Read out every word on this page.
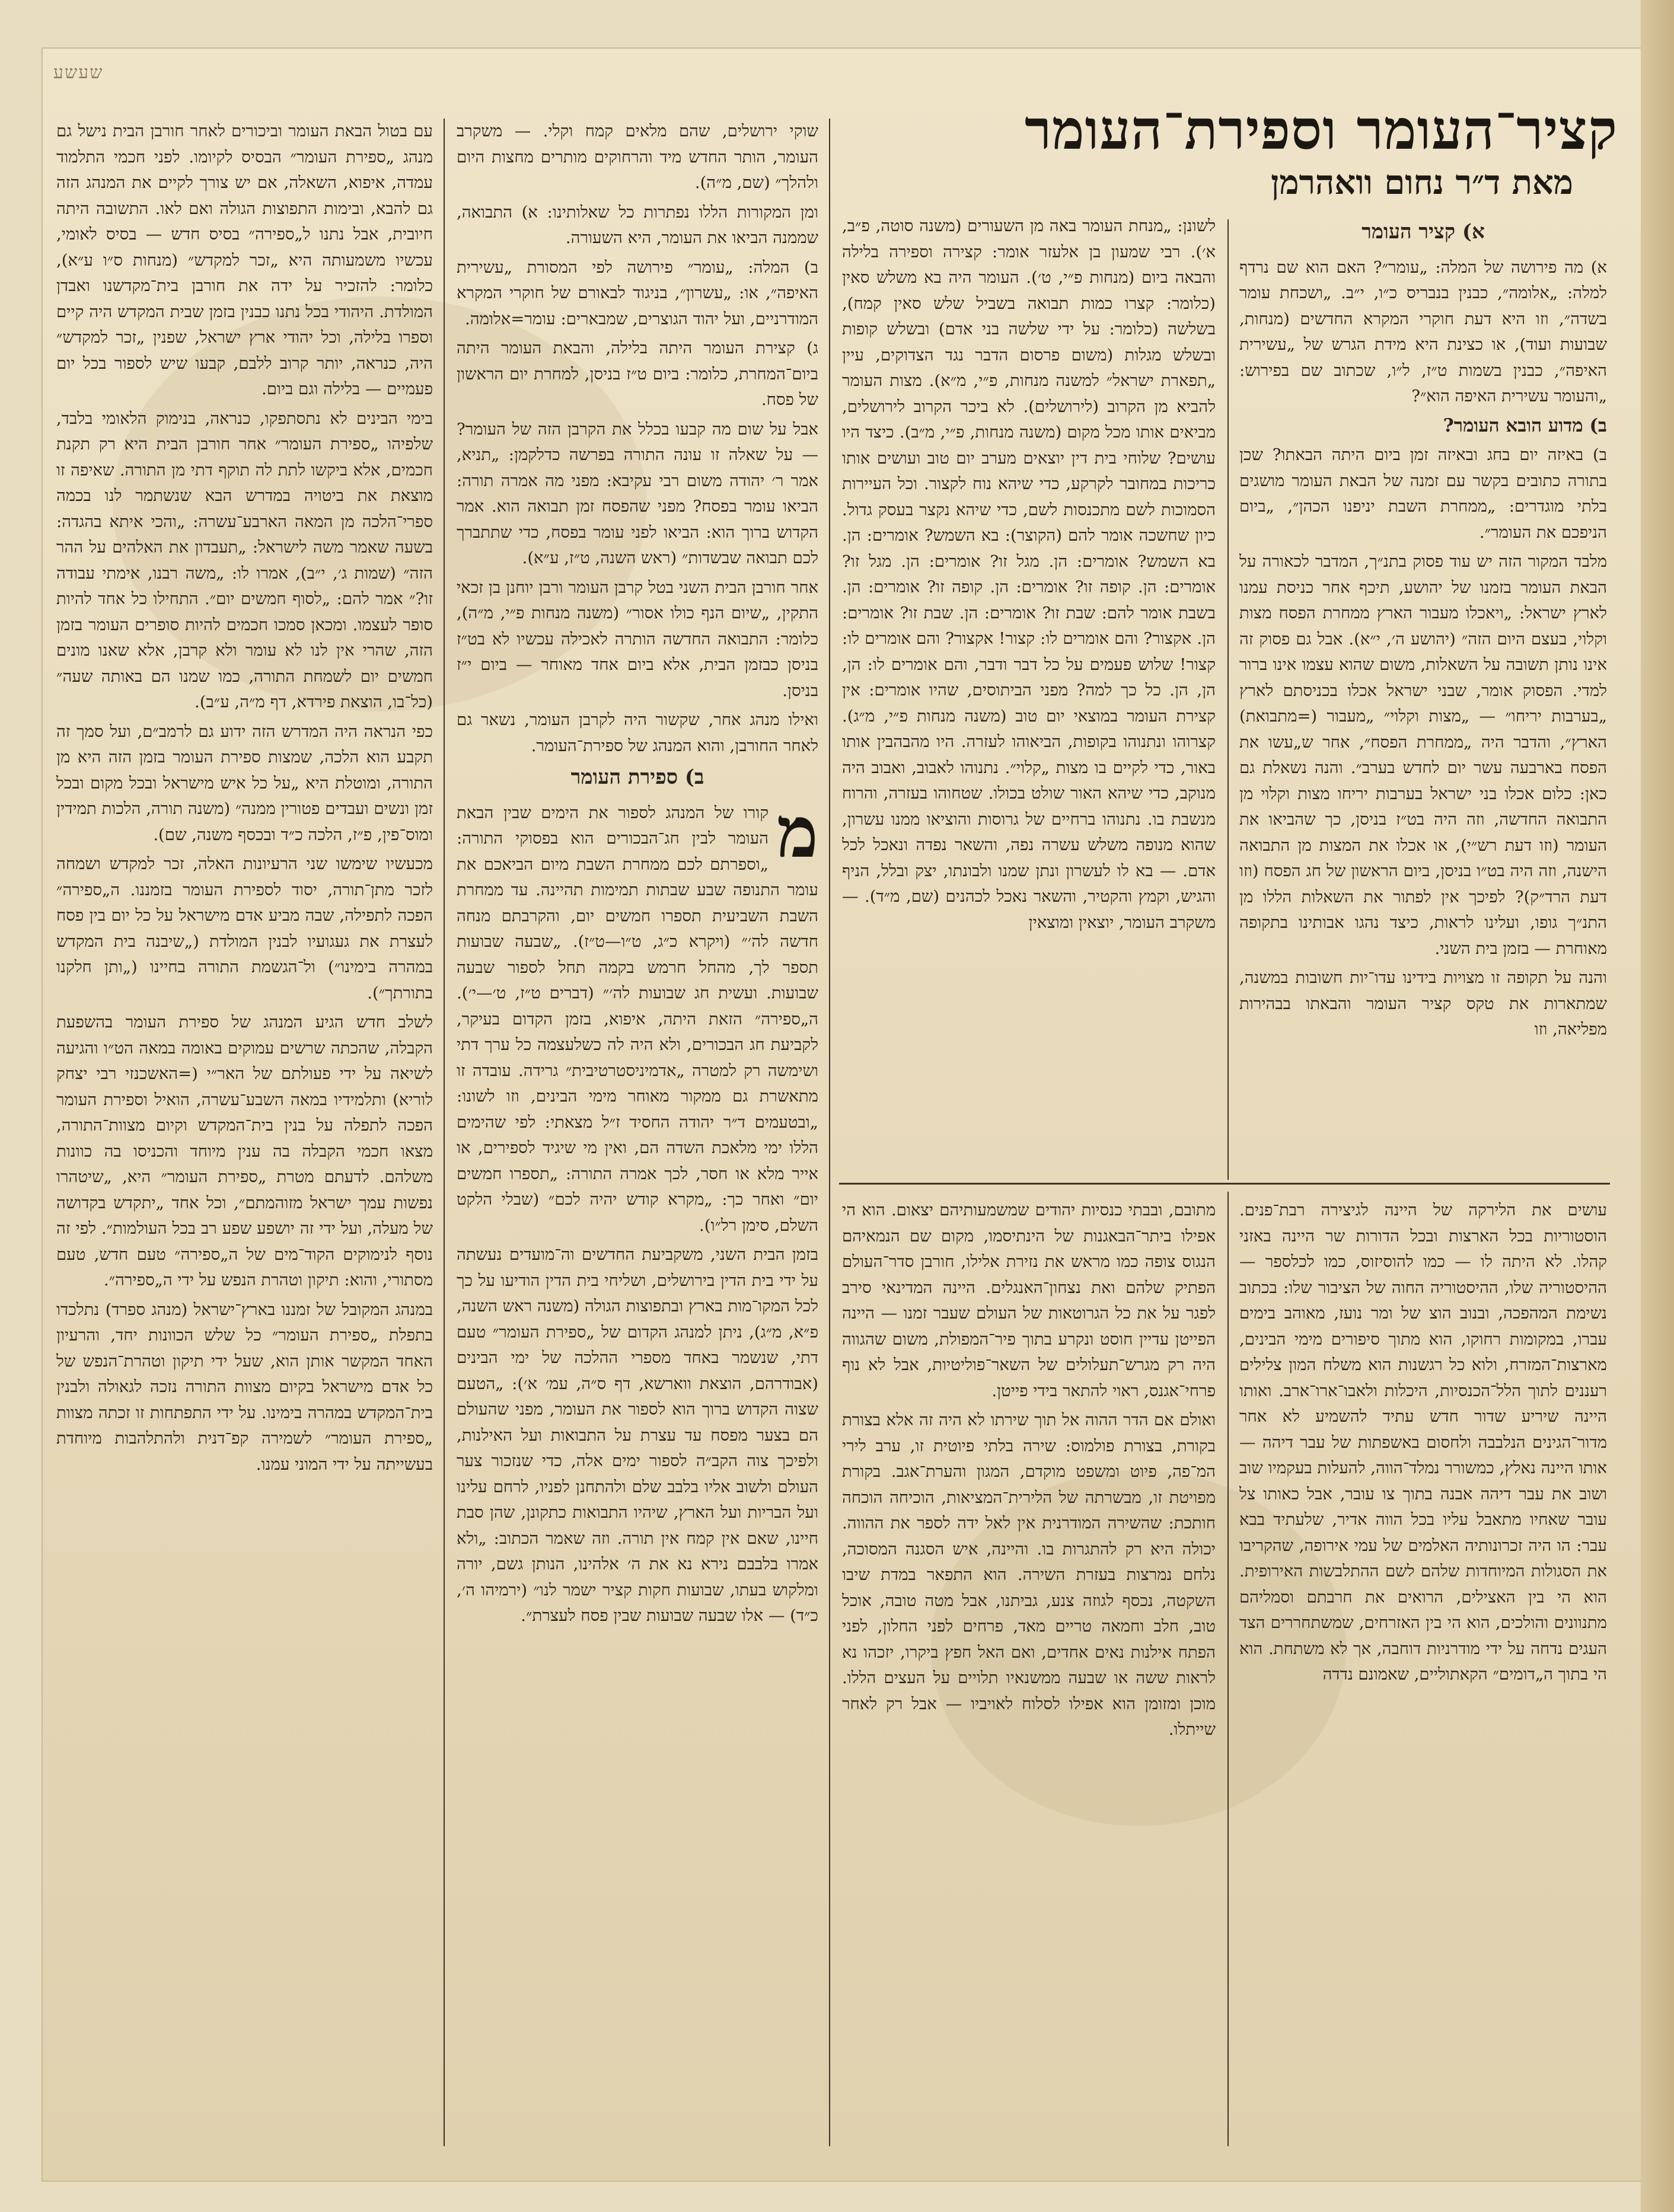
שעשע
קציר־העומר וספירת־העומר
מאת ד״ר נחום וואהרמן
א) קציר העומר

א) מה פירושה של המלה: „עומר״? האם הוא שם נרדף למלה: „אלומה״, כבנין בנבריס כ״ו, י״ב. „ושכחת עומר בשדה״, וזו היא דעת חוקרי המקרא החדשים (מנחות, שבועות ועוד), או כצינת היא מידת הגרש של „עשירית האיפה״, כבנין בשמות ט״ז, ל״ו, שכתוב שם בפירוש: „והעומר עשירית האיפה הוא״?

ב) מדוע הובא העומר?

ב) באיזה יום בחג ובאיזה זמן ביום היתה הבאתו? שכן בתורה כתובים בקשר עם זמנה של הבאת העומר מושגים בלתי מוגדרים: „ממחרת השבת יניפנו הכהן״, „ביום הניפכם את העומר״.

מלבד המקור הזה יש עוד פסוק בתנ״ך, המדבר לכאורה על הבאת העומר בזמנו של יהושע, תיכף אחר כניסת עמנו לארץ ישראל: „ויאכלו מעבור הארץ ממחרת הפסח מצות וקלוי, בעצם היום הזה״ (יהושע ה׳, י״א). אבל גם פסוק זה אינו נותן תשובה על השאלות, משום שהוא עצמו אינו ברור למדי. הפסוק אומר, שבני ישראל אכלו בכניסתם לארץ „בערבות יריחו״ — „מצות וקלוי״ „מעבור (=מתבואת) הארץ״, והדבר היה „ממחרת הפסח״, אחר ש„עשו את הפסח בארבעה עשר יום לחדש בערב״. והנה נשאלת גם כאן: כלום אכלו בני ישראל בערבות יריחו מצות וקלוי מן התבואה החדשה, וזה היה בט״ז בניסן, כך שהביאו את העומר (וזו דעת רש״י), או אכלו את המצות מן התבואה הישנה, וזה היה בט״ו בניסן, ביום הראשון של חג הפסח (וזו דעת הרד״ק)? לפיכך אין לפתור את השאלות הללו מן התנ״ך גופו, ועלינו לראות, כיצד נהגו אבותינו בתקופה מאוחרת — בזמן בית השני.

והנה על תקופה זו מצויות בידינו עדו־יות חשובות במשנה, שמתארות את טקס קציר העומר והבאתו בבהירות מפליאה, וזו

לשונן: „מנחת העומר באה מן השעורים (משנה סוטה, פ״ב, א׳). רבי שמעון בן אלעזר אומר: קצירה וספירה בלילה והבאה ביום (מנחות פ״י, ט׳). העומר היה בא משלש סאין (כלומר: קצרו כמות תבואה בשביל שלש סאין קמח), בשלשה (כלומר: על ידי שלשה בני אדם) ובשלש קופות ובשלש מגלות (משום פרסום הדבר נגד הצדוקים, עיין „תפארת ישראל״ למשנה מנחות, פ״י, מ״א). מצות העומר להביא מן הקרוב (לירושלים). לא ביכר הקרוב לירושלים, מביאים אותו מכל מקום (משנה מנחות, פ״י, מ״ב). כיצד היו עושים? שלוחי בית דין יוצאים מערב יום טוב ועושים אותו כריכות במחובר לקרקע, כדי שיהא נוח לקצור. וכל העיירות הסמוכות לשם מתכנסות לשם, כדי שיהא נקצר בעסק גדול. כיון שחשכה אומר להם (הקוצר): בא השמש? אומרים: הן. בא השמש? אומרים: הן. מגל זו? אומרים: הן. מגל זו? אומרים: הן. קופה זו? אומרים: הן. קופה זו? אומרים: הן. בשבת אומר להם: שבת זו? אומרים: הן. שבת זו? אומרים: הן. אקצור? והם אומרים לו: קצור! אקצור? והם אומרים לו: קצור! שלוש פעמים על כל דבר ודבר, והם אומרים לו: הן, הן, הן. כל כך למה? מפני הביתוסים, שהיו אומרים: אין קצירת העומר במוצאי יום טוב (משנה מנחות פ״י, מ״ג). קצרוהו ונתנוהו בקופות, הביאוהו לעזרה. היו מהבהבין אותו באור, כדי לקיים בו מצות „קלוי״. נתנוהו לאבוב, ואבוב היה מנוקב, כדי שיהא האור שולט בכולו. שטחוהו בעזרה, והרוח מנשבת בו. נתנוהו ברחיים של גרוסות והוציאו ממנו עשרון, שהוא מנופה משלש עשרה נפה, והשאר נפדה ונאכל לכל אדם. — בא לו לעשרון ונתן שמנו ולבונתו, יצק ובלל, הניף והגיש, וקמץ והקטיר, והשאר נאכל לכהנים (שם, מ״ד). — משקרב העומר, יוצאין ומוצאין

שוקי ירושלים, שהם מלאים קמח וקלי. — משקרב העומר, הותר החדש מיד והרחוקים מותרים מחצות היום ולהלך״ (שם, מ״ה).

ומן המקורות הללו נפתרות כל שאלותינו: א) התבואה, שממנה הביאו את העומר, היא השעורה.

ב) המלה: „עומר״ פירושה לפי המסורת „עשירית האיפה״, או: „עשרון״, בניגוד לבאורם של חוקרי המקרא המודרניים, ועל יהוד הגוצרים, שמבארים: עומר=אלומה.

ג) קצירת העומר היתה בלילה, והבאת העומר היתה ביום־המחרת, כלומר: ביום ט״ז בניסן, למחרת יום הראשון של פסח.

אבל על שום מה קבעו בכלל את הקרבן הזה של העומר? — על שאלה זו עונה התורה בפרשה כדלקמן: „תניא, אמר ר׳ יהודה משום רבי עקיבא: מפני מה אמרה תורה: הביאו עומר בפסח? מפני שהפסח זמן תבואה הוא. אמר הקדוש ברוך הוא: הביאו לפני עומר בפסח, כדי שתתברך לכם תבואה שבשדות״ (ראש השנה, ט״ז, ע״א).

אחר חורבן הבית השני בטל קרבן העומר ורבן יוחנן בן זכאי התקין, „שיום הנף כולו אסור״ (משנה מנחות פ״י, מ״ה), כלומר: התבואה החדשה הותרה לאכילה עכשיו לא בט״ז בניסן כבזמן הבית, אלא ביום אחד מאוחר — ביום י״ז בניסן.

ואילו מנהג אחר, שקשור היה לקרבן העומר, נשאר גם לאחר החורבן, והוא המנהג של ספירת־העומר.

ב) ספירת העומר

מ
קורו של המנהג לספור את הימים שבין הבאת העומר לבין חג־הבכורים הוא בפסוקי התורה: „וספרתם לכם ממחרת השבת מיום הביאכם את עומר התנופה שבע שבתות תמימות תהיינה. עד ממחרת השבת השביעית תספרו חמשים יום, והקרבתם מנחה חדשה לה׳״ (ויקרא כ״ג, ט״ו—ט״ז). „שבעה שבועות תספר לך, מהחל חרמש בקמה תחל לספור שבעה שבועות. ועשית חג שבועות לה׳״ (דברים ט״ז, ט׳—י׳). ה„ספירה״ הזאת היתה, איפוא, בזמן הקדום בעיקר, לקביעת חג הבכורים, ולא היה לה כשלעצמה כל ערך דתי ושימשה רק למטרה „אדמיניסטרטיבית״ גרידה. עובדה זו מתאשרת גם ממקור מאוחר מימי הבינים, וזו לשונו: „ובטעמים ד״ר יהודה החסיד ז״ל מצאתי: לפי שהימים הללו ימי מלאכת השדה הם, ואין מי שיגיד לספירים, או אייר מלא או חסר, לכך אמרה התורה: „תספרו חמשים יום״ ואחר כך: „מקרא קודש יהיה לכם״ (שבלי הלקט השלם, סימן רל״ו).

בזמן הבית השני, משקביעת החדשים וה־מועדים נעשתה על ידי בית הדין בירושלים, ושליחי בית הדין הודיעו על כך לכל המקו־מות בארץ ובתפוצות הגולה (משנה ראש השנה, פ״א, מ״ג), ניתן למנהג הקדום של „ספירת העומר״ טעם דתי, שנשמר באחד מספרי ההלכה של ימי הבינים (אבודרהם, הוצאת ווארשא, דף ס״ה, עמ׳ א׳): „הטעם שצוה הקדוש ברוך הוא לספור את העומר, מפני שהעולם הם בצער מפסח עד עצרת על התבואות ועל האילנות, ולפיכך צוה הקב״ה לספור ימים אלה, כדי שנזכור צער העולם ולשוב אליו בלבב שלם ולהתחנן לפניו, לרחם עלינו ועל הבריות ועל הארץ, שיהיו התבואות כתקונן, שהן סבת חיינו, שאם אין קמח אין תורה. וזה שאמר הכתוב: „ולא אמרו בלבבם נירא נא את ה׳ אלהינו, הנותן גשם, יורה ומלקוש בעתו, שבועות חקות קציר ישמר לנו״ (ירמיהו ה׳, כ״ד) — אלו שבעה שבועות שבין פסח לעצרת״.

עם בטול הבאת העומר וביכורים לאחר חורבן הבית נישל גם מנהג „ספירת העומר״ הבסיס לקיומו. לפני חכמי התלמוד עמדה, איפוא, השאלה, אם יש צורך לקיים את המנהג הזה גם להבא, ובימות התפוצות הגולה ואם לאו. התשובה היתה חיובית, אבל נתנו ל„ספירה״ בסיס חדש — בסיס לאומי, עכשיו משמעותה היא „זכר למקדש״ (מנחות ס״ו ע״א), כלומר: להזכיר על ידה את חורבן בית־מקדשנו ואבדן המולדת. היהודי בכל נתנו כבנין בזמן שבית המקדש היה קיים וספרו בלילה, וכל יהודי ארץ ישראל, שפנין „זכר למקדש״ היה, כנראה, יותר קרוב ללבם, קבעו שיש לספור בכל יום פעמיים — בלילה וגם ביום.

בימי הבינים לא נתסתפקו, כנראה, בנימוק הלאומי בלבד, שלפיהו „ספירת העומר״ אחר חורבן הבית היא רק תקנת חכמים, אלא ביקשו לתת לה תוקף דתי מן התורה. שאיפה זו מוצאת את ביטויה במדרש הבא שנשתמר לנו בכמה ספרי־הלכה מן המאה הארבע־עשרה: „והכי איתא בהגדה: בשעה שאמר משה לישראל: „תעבדון את האלהים על ההר הזה״ (שמות ג׳, י״ב), אמרו לו: „משה רבנו, אימתי עבודה זו?״ אמר להם: „לסוף חמשים יום״. התחילו כל אחד להיות סופר לעצמו. ומכאן סמכו חכמים להיות סופרים העומר בזמן הזה, שהרי אין לנו לא עומר ולא קרבן, אלא שאנו מונים חמשים יום לשמחת התורה, כמו שמנו הם באותה שעה״ (כל־בו, הוצאת פירדא, דף מ״ה, ע״ב).

כפי הנראה היה המדרש הזה ידוע גם לרמב״ם, ועל סמך זה תקבע הוא הלכה, שמצות ספירת העומר בזמן הזה היא מן התורה, ומוטלת היא „על כל איש מישראל ובכל מקום ובכל זמן ונשים ועבדים פטורין ממנה״ (משנה תורה, הלכות תמידין ומוס־פין, פ״ז, הלכה כ״ד ובכסף משנה, שם).

מכעשיו שימשו שני הרעיונות האלה, זכר למקדש ושמחה לזכר מתן־תורה, יסוד לספירת העומר בזמננו. ה„ספירה״ הפכה לתפילה, שבה מביע אדם מישראל על כל יום בין פסח לעצרת את געגועיו לבנין המולדת („שיבנה בית המקדש במהרה בימינו״) ול־הגשמת התורה בחיינו („ותן חלקנו בתורתך״).

לשלב חדש הגיע המנהג של ספירת העומר בהשפעת הקבלה, שהכתה שרשים עמוקים באומה במאה הט״ו והגיעה לשיאה על ידי פעולתם של האר״י (=האשכנזי רבי יצחק לוריא) ותלמידיו במאה השבע־עשרה, הואיל וספירת העומר הפכה לתפלה על בנין בית־המקדש וקיום מצוות־התורה, מצאו חכמי הקבלה בה ענין מיוחד והכניסו בה כוונות משלהם. לדעתם מטרת „ספירת העומר״ היא, „שיטהרו נפשות עמך ישראל מזוהמתם״, וכל אחד „יתקדש בקדושה של מעלה, ועל ידי זה יושפע שפע רב בכל העולמות״. לפי זה נוסף לנימוקים הקוד־מים של ה„ספירה״ טעם חדש, טעם מסתורי, והוא: תיקון וטהרת הנפש על ידי ה„ספירה״.

במנהג המקובל של זמננו בארץ־ישראל (מנהג ספרד) נתלכדו בתפלת „ספירת העומר״ כל שלש הכוונות יחד, והרעיון האחד המקשר אותן הוא, שעל ידי תיקון וטהרת־הנפש של כל אדם מישראל בקיום מצוות התורה נזכה לגאולה ולבנין בית־המקדש במהרה בימינו. על ידי התפתחות זו זכתה מצוות „ספירת העומר״ לשמירה קפ־דנית ולהתלהבות מיוחדת בעשייתה על ידי המוני עמנו.

מתובם, ובבתי כנסיות יהודים שמשמעותיהם יצאום. הוא הי אפילו ביתר־הבאגנות של הינתיסמו, מקום שם הנמאיהם הנגוס צופה כמו מראש את נזירת אלילו, חורבן סדר־העולם הפתיק שלהם ואת נצחון־האנגלים. היינה המדינאי סירב לפגר על את כל הגרוטאות של העולם שעבר זמנו — היינה הפייטן עדיין חוסט ונקרע בתוך פיר־המפולת, משום שהגווה היה רק מגרש־תעלולים של השאר־פוליטיות, אבל לא נוף פרחי־אגנס, ראוי להתאר בידי פייטן.

ואולם אם הדר ההוה אל תוך שירתו לא היה זה אלא בצורת בקורת, בצורת פולמוס: שירה בלתי פיוטית זו, ערב לירי המ־פה, פיוט ומשפט מוקדם, המגון והערת־אגב. בקורת מפויטת זו, מבשרתה של הלירית־המציאות, הוכיחה הוכחה חותכת: שהשירה המודרנית אין לאל ידה לספר את ההווה. יכולה היא רק להתגרות בו. והיינה, איש הסגנה המסוכה, נלחם נמרצות בעזרת השירה. הוא התפאר במדת שיבו השקטה, נכסף לגוזה צנע, גביתנו, אבל מטה טובה, אוכל טוב, חלב וחמאה טריים מאד, פרחים לפני החלון, לפני הפתח אילנות נאים אחדים, ואם האל חפץ ביקרו, יזכהו נא לראות ששה או שבעה ממשנאיו תלויים על העצים הללו. מוכן ומזומן הוא אפילו לסלוח לאויביו — אבל רק לאחר שייתלו.

עושים את הלירקה של היינה לגיצירה רבת־פנים. הוסטוריות בכל הארצות ובכל הדורות שר היינה באזני קהלו. לא היתה לו — כמו להוסיזוס, כמו לכלספר — ההיסטוריה שלו, ההיסטוריה החוה של הציבור שלו: בכתוב נשימת המהפכה, ובנוב הוצ של ומר נועז, מאוהב בימים עברו, במקומות רחוקו, הוא מתוך סיפורים מימי הבינים, מארצות־המזרח, ולוא כל רגשנות הוא משלח המון צלילים רעננים לתוך הלל־הכנסיות, היכלות ולאבו־ארו־ארב. ואותו היינה שיריע שדור חדש עתיד להשמיע לא אחר מדור־הגינים הנלבבה ולחסום באשפתות של עבר דיהה — אותו היינה נאלץ, כמשורר נמלד־הווה, להעלות בעקמיו שוב ושוב את עבר דיהה אבנה בתוך צו עובר, אבל כאותו צל עובר שאחיו מתאבל עליו בכל הווה אדיר, שלעתיד בבא עבר: הו היה זכרונותיה האלמים של עמי אירופה, שהקריבו את הסגולות המיוחדות שלהם לשם ההתלבשות האירופית. הוא הי בין האצילים, הרואים את חרבתם וסמליהם מתנוונים והולכים, הוא הי בין האזרחים, שמשתחררים הצד העגים נדחה על ידי מודרניות דוחבה, אך לא משתחת. הוא הי בתוך ה„דומים״ הקאתוליים, שאמונם נדדה
